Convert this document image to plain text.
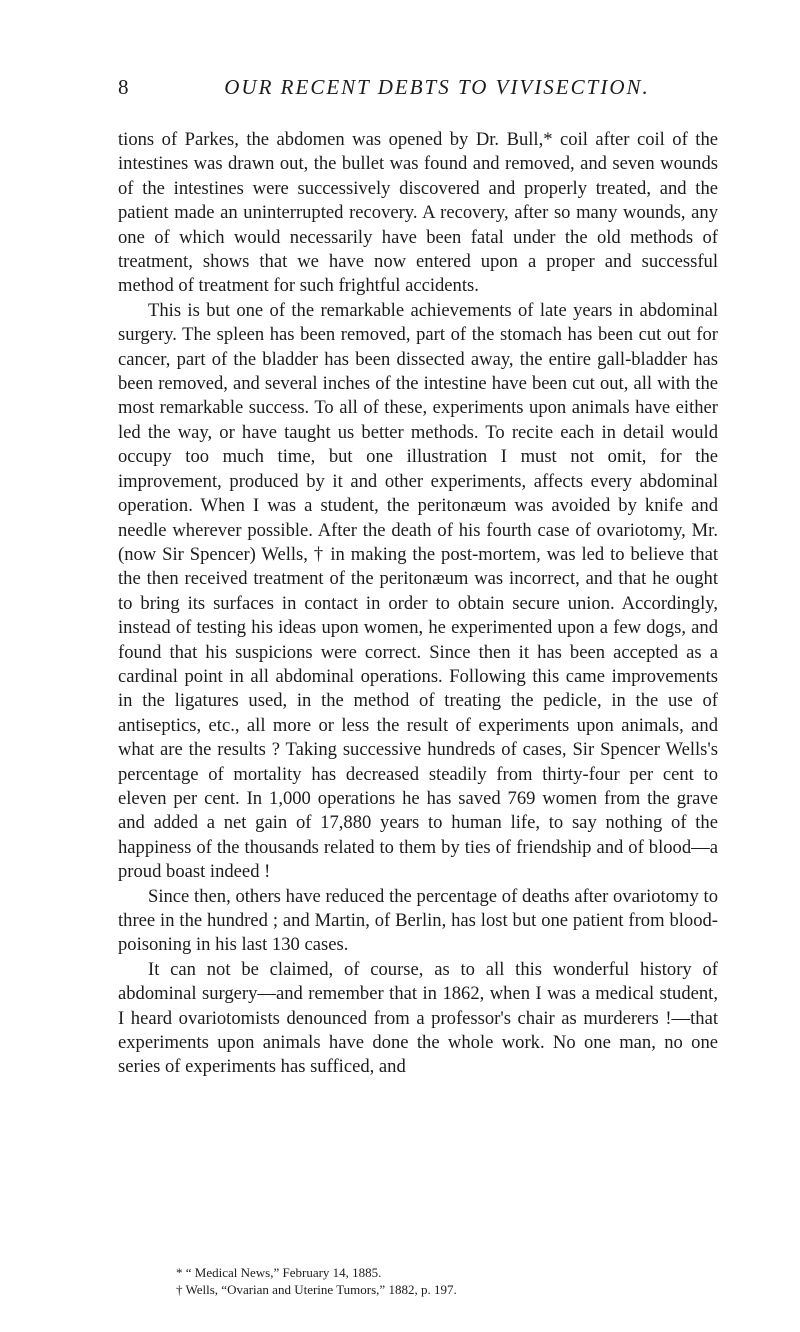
8	OUR RECENT DEBTS TO VIVISECTION.

tions of Parkes, the abdomen was opened by Dr. Bull,* coil after coil of the intestines was drawn out, the bullet was found and removed, and seven wounds of the intestines were successively discovered and properly treated, and the patient made an uninterrupted recovery. A recovery, after so many wounds, any one of which would necessarily have been fatal under the old methods of treatment, shows that we have now entered upon a proper and successful method of treatment for such frightful accidents.

This is but one of the remarkable achievements of late years in abdominal surgery. The spleen has been removed, part of the stomach has been cut out for cancer, part of the bladder has been dissected away, the entire gall-bladder has been removed, and several inches of the intestine have been cut out, all with the most remarkable success. To all of these, experiments upon animals have either led the way, or have taught us better methods. To recite each in detail would occupy too much time, but one illustration I must not omit, for the improvement, produced by it and other experiments, affects every abdominal operation. When I was a student, the peritonæum was avoided by knife and needle wherever possible. After the death of his fourth case of ovariotomy, Mr. (now Sir Spencer) Wells, † in making the post-mortem, was led to believe that the then received treatment of the peritonæum was incorrect, and that he ought to bring its surfaces in contact in order to obtain secure union. Accordingly, instead of testing his ideas upon women, he experimented upon a few dogs, and found that his suspicions were correct. Since then it has been accepted as a cardinal point in all abdominal operations. Following this came improvements in the ligatures used, in the method of treating the pedicle, in the use of antiseptics, etc., all more or less the result of experiments upon animals, and what are the results ? Taking successive hundreds of cases, Sir Spencer Wells's percentage of mortality has decreased steadily from thirty-four per cent to eleven per cent. In 1,000 operations he has saved 769 women from the grave and added a net gain of 17,880 years to human life, to say nothing of the happiness of the thousands related to them by ties of friendship and of blood—a proud boast indeed !

Since then, others have reduced the percentage of deaths after ovariotomy to three in the hundred ; and Martin, of Berlin, has lost but one patient from blood-poisoning in his last 130 cases.

It can not be claimed, of course, as to all this wonderful history of abdominal surgery—and remember that in 1862, when I was a medical student, I heard ovariotomists denounced from a professor's chair as murderers !—that experiments upon animals have done the whole work. No one man, no one series of experiments has sufficed, and

* “ Medical News,” February 14, 1885.

† Wells, “Ovarian and Uterine Tumors,” 1882, p. 197.
